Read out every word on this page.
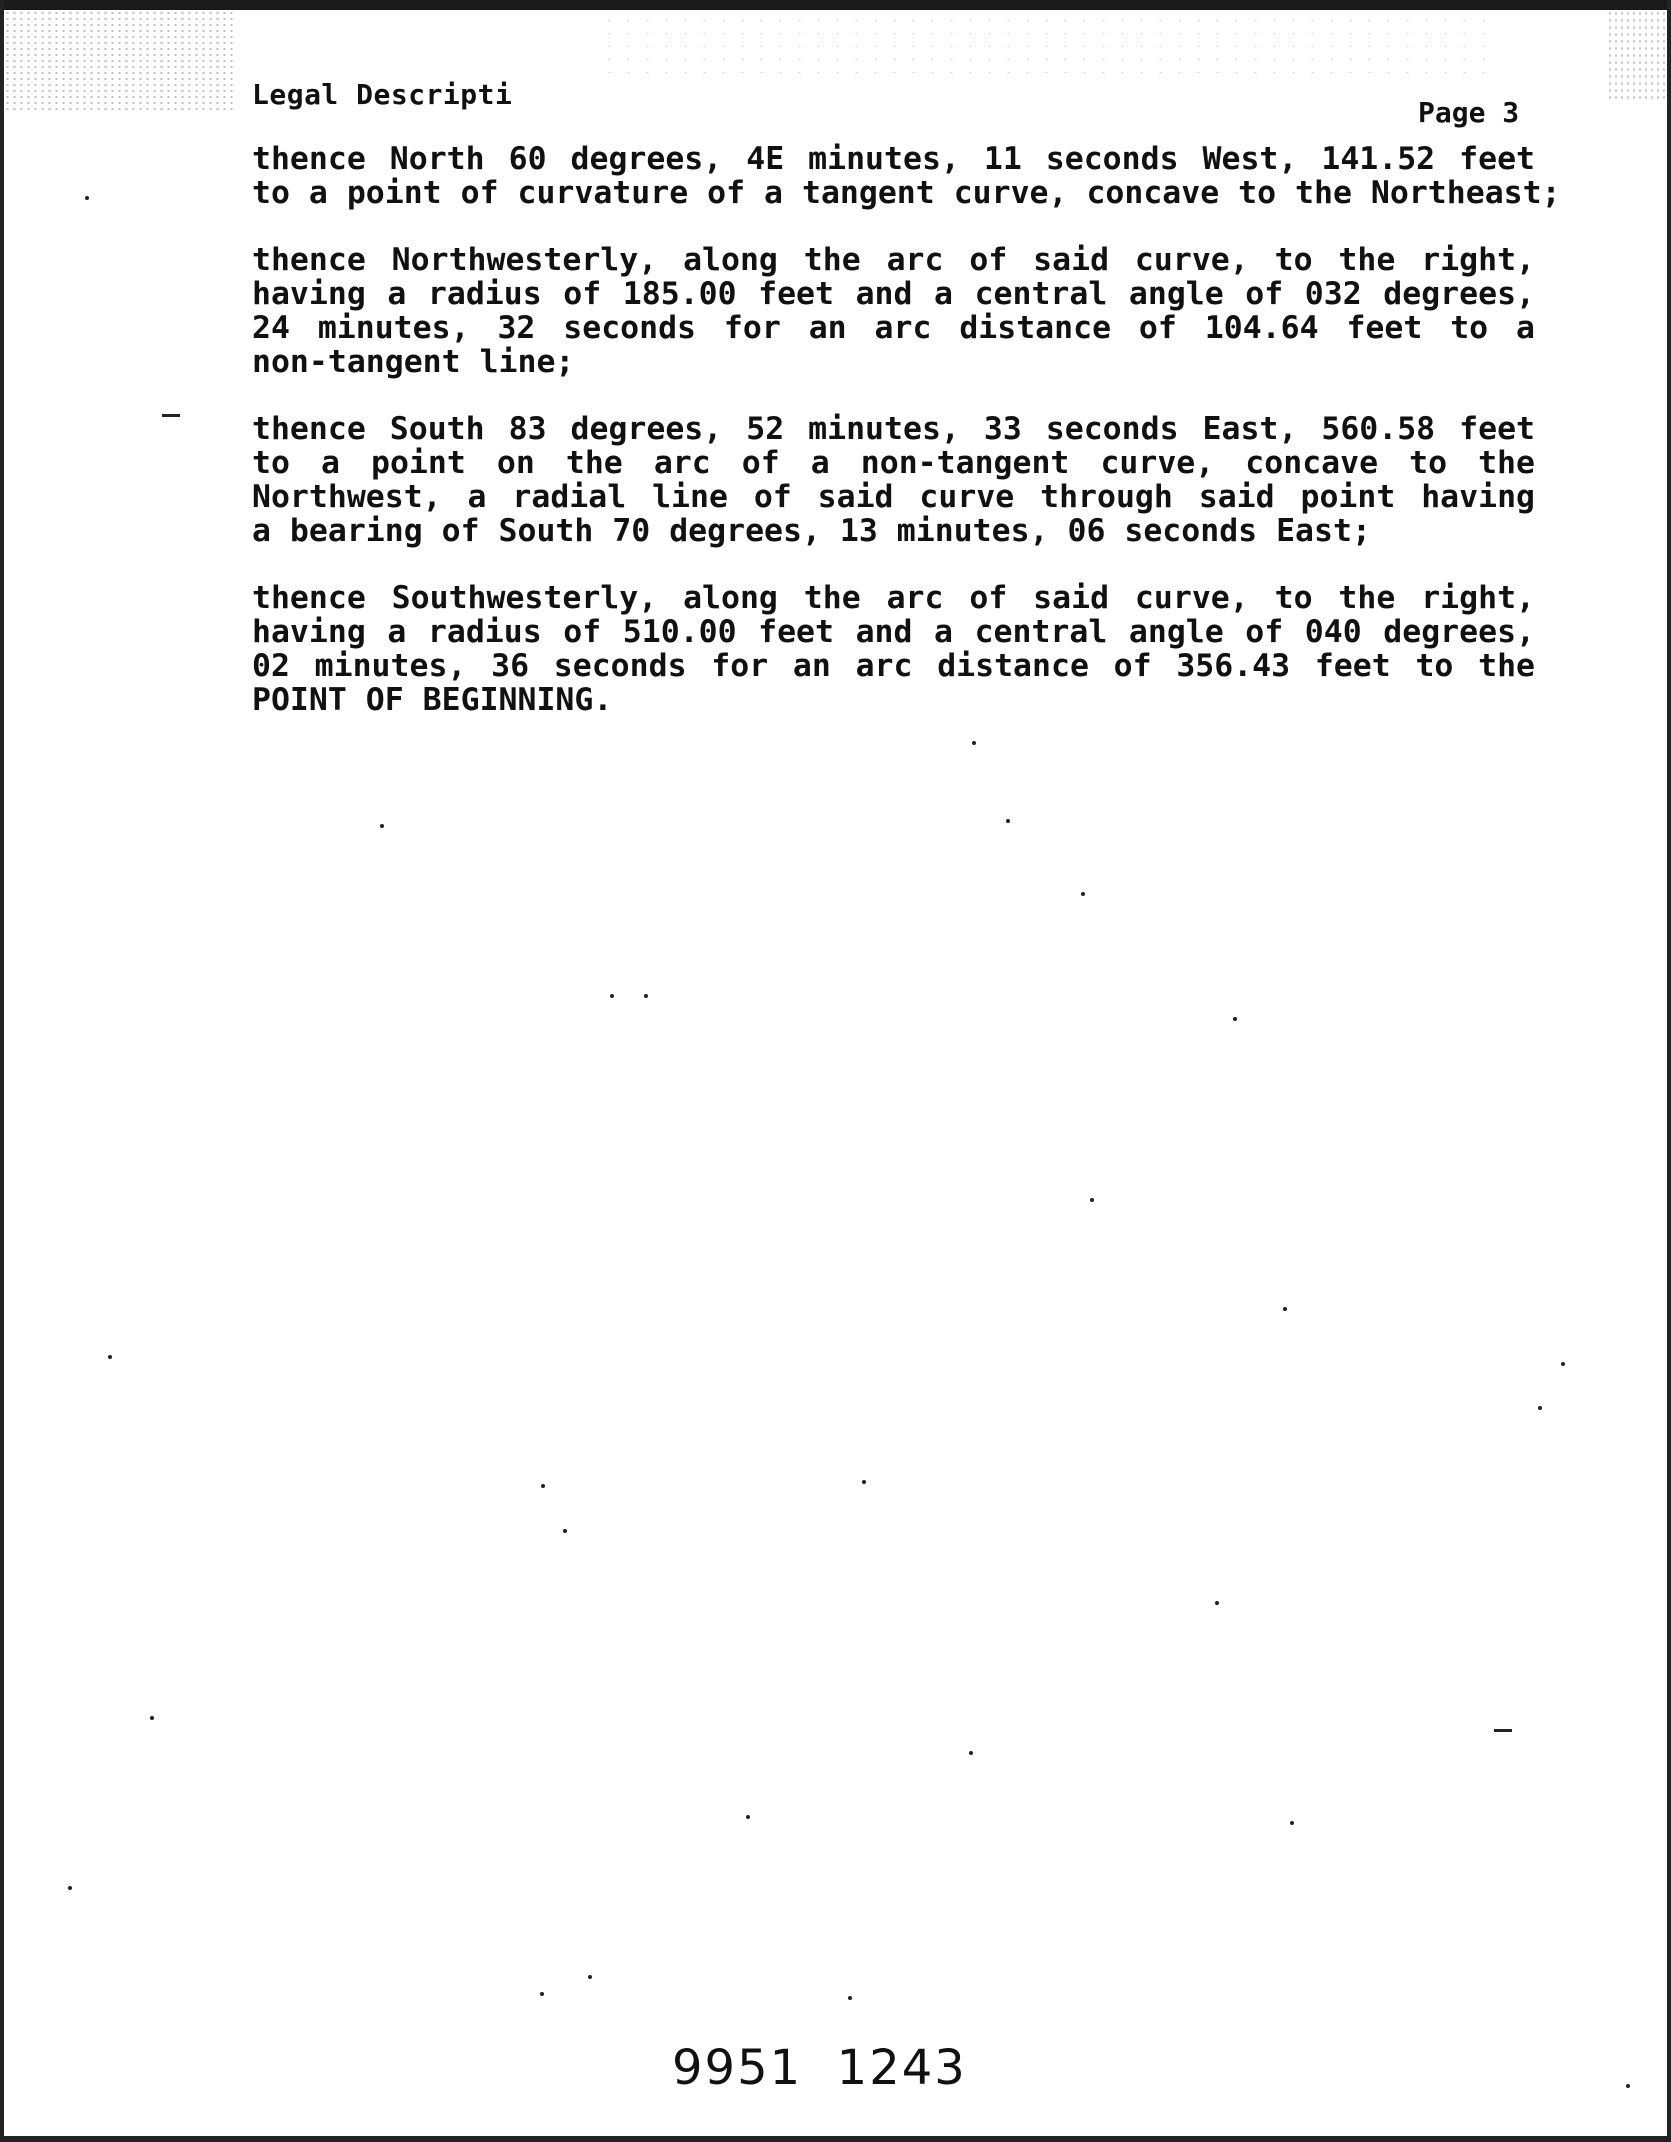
Legal Descripti
Page 3
thence North 60 degrees, 4E minutes, 11 seconds West, 141.52 feet
to a point of curvature of a tangent curve, concave to the Northeast;
thence Northwesterly, along the arc of said curve, to the right,
having a radius of 185.00 feet and a central angle of 032 degrees,
24 minutes, 32 seconds for an arc distance of 104.64 feet to a
non-tangent line;
thence South 83 degrees, 52 minutes, 33 seconds East, 560.58 feet
to a point on the arc of a non-tangent curve, concave to the
Northwest, a radial line of said curve through said point having
a bearing of South 70 degrees, 13 minutes, 06 seconds East;
thence Southwesterly, along the arc of said curve, to the right,
having a radius of 510.00 feet and a central angle of 040 degrees,
02 minutes, 36 seconds for an arc distance of 356.43 feet to the
POINT OF BEGINNING.
9951  1243
